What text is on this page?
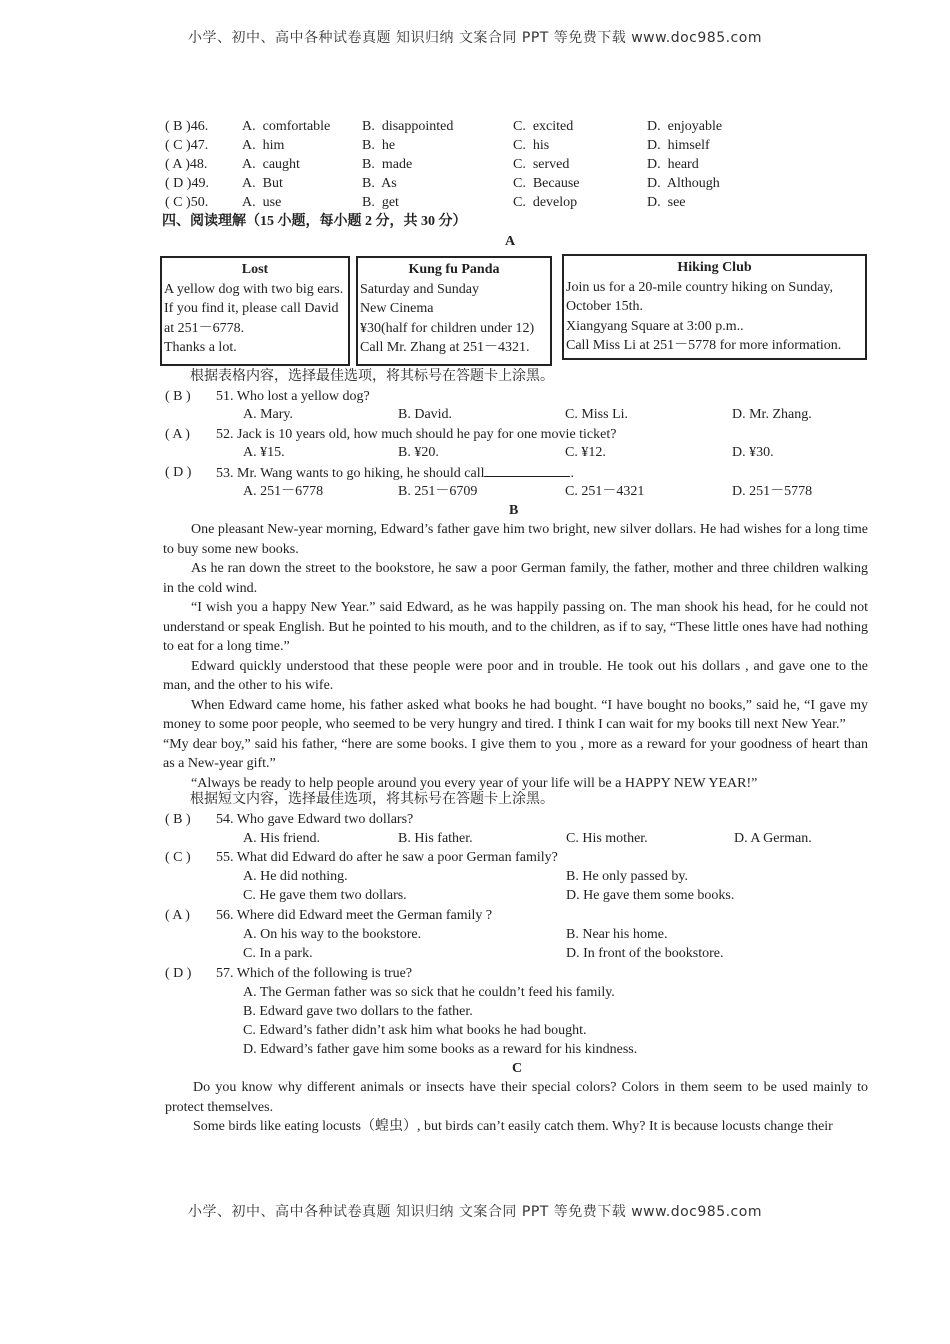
小学、初中、高中各种试卷真题 知识归纳 文案合同 PPT 等免费下载 www.doc985.com
( B )46. A.  comfortable B.  disappointed	C.  excited	D.  enjoyable
( C )47. A.  him	B.  he	C.  his	D.  himself
( A )48. A.  caught	B.  made	C.  served	D.  heard
( D )49. A.  But	B.  As	C.  Because	D.  Although
( C )50. A.  use	B.  get	C.  develop	D.  see
四、阅读理解（15 小题，每小题 2 分，共 30 分）
A
Lost
A yellow dog with two big ears.
If you find it, please call David
at 251－6778.
Thanks a lot.
Kung fu Panda
Saturday and Sunday
New Cinema
¥30(half for children under 12)
Call Mr. Zhang at 251－4321.
Hiking Club
Join us for a 20-mile country hiking on Sunday,
October 15th.
Xiangyang Square at 3:00 p.m..
Call Miss Li at 251－5778 for more information.
根据表格内容，选择最佳选项，将其标号在答题卡上涂黑。
( B ) 51. Who lost a yellow dog?
A. Mary.	B. David.	C. Miss Li.	D. Mr. Zhang.
( A ) 52. Jack is 10 years old, how much should he pay for one movie ticket?
A. ¥15.	B. ¥20.	C. ¥12.	D. ¥30.
( D ) 53. Mr. Wang wants to go hiking, he should call	.
A. 251－6778	B. 251－6709	C. 251－4321	D. 251－5778
B
One pleasant New-year morning, Edward’s father gave him two bright, new silver dollars. He had wishes for a long time to buy some new books.
As he ran down the street to the bookstore, he saw a poor German family, the father, mother and three children walking in the cold wind.
“I wish you a happy New Year.” said Edward, as he was happily passing on. The man shook his head, for he could not understand or speak English. But he pointed to his mouth, and to the children, as if to say, “These little ones have had nothing to eat for a long time.”
Edward quickly understood that these people were poor and in trouble. He took out his dollars , and gave one to the man, and the other to his wife.
When Edward came home, his father asked what books he had bought. “I have bought no books,” said he, “I gave my money to some poor people, who seemed to be very hungry and tired. I think I can wait for my books till next New Year.”
“My dear boy,” said his father, “here are some books. I give them to you , more as a reward for your goodness of heart than as a New-year gift.”
“Always be ready to help people around you every year of your life will be a HAPPY NEW YEAR!”
根据短文内容，选择最佳选项，将其标号在答题卡上涂黑。
( B ) 54. Who gave Edward two dollars?
A. His friend.	B. His father.	C. His mother.	D. A German.
( C ) 55. What did Edward do after he saw a poor German family?
A. He did nothing.	B. He only passed by.
C. He gave them two dollars.	D. He gave them some books.
( A ) 56. Where did Edward meet the German family ?
A. On his way to the bookstore.	B. Near his home.
C. In a park.	D. In front of the bookstore.
( D ) 57. Which of the following is true?
A. The German father was so sick that he couldn’t feed his family.
B. Edward gave two dollars to the father.
C. Edward’s father didn’t ask him what books he had bought.
D. Edward’s father gave him some books as a reward for his kindness.
C
Do you know why different animals or insects have their special colors? Colors in them seem to be used mainly to protect themselves.
Some birds like eating locusts（蝗虫）, but birds can’t easily catch them. Why? It is because locusts change their
小学、初中、高中各种试卷真题 知识归纳 文案合同 PPT 等免费下载 www.doc985.com
